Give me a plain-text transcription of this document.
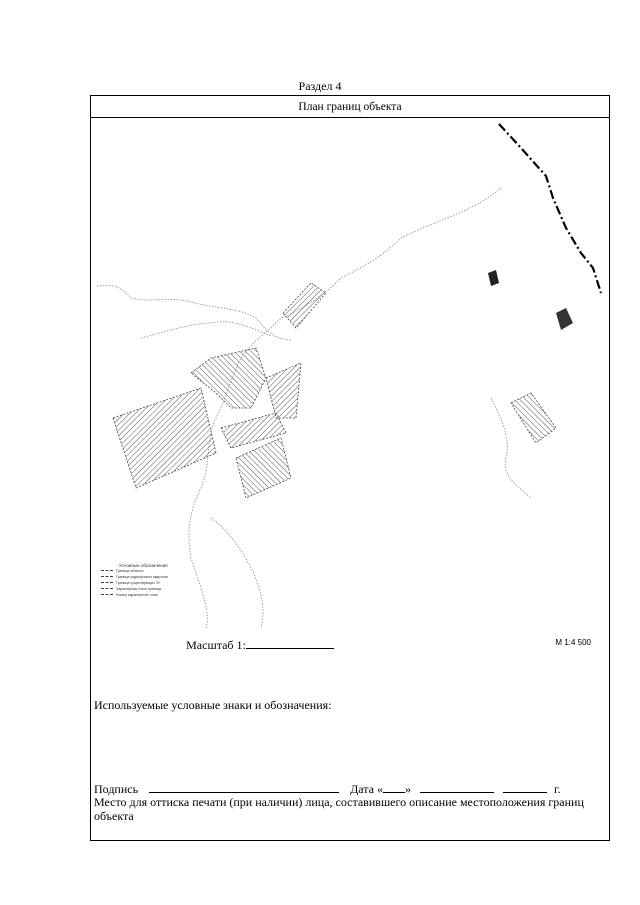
Раздел 4
План границ объекта
Условные обозначения
Граница объекта
Граница кадастрового квартала
Граница существующих ЗУ
Характерная точка границы
Номер характерной точки
М 1:4 500
Масштаб 1:
Используемые условные знаки и обозначения:
Подпись	Дата « »	г.
Место для оттиска печати (при наличии) лица, составившего описание местоположения границ объекта
